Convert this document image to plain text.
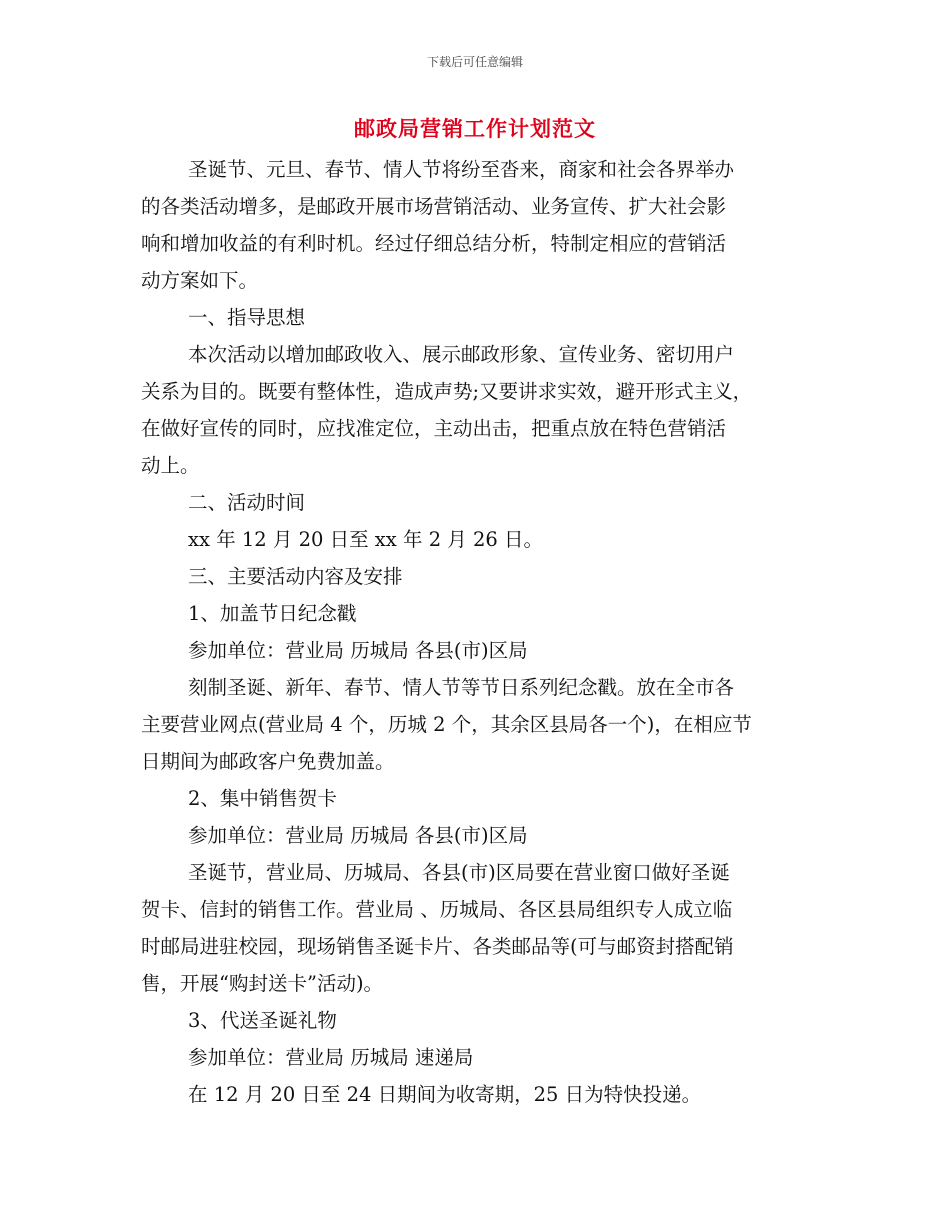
下载后可任意编辑
邮政局营销工作计划范文
圣诞节、元旦、春节、情人节将纷至沓来，商家和社会各界举办
的各类活动增多，是邮政开展市场营销活动、业务宣传、扩大社会影
响和增加收益的有利时机。经过仔细总结分析，特制定相应的营销活
动方案如下。
一、指导思想
本次活动以增加邮政收入、展示邮政形象、宣传业务、密切用户
关系为目的。既要有整体性，造成声势;又要讲求实效，避开形式主义，
在做好宣传的同时，应找准定位，主动出击，把重点放在特色营销活
动上。
二、活动时间
xx 年 12 月 20 日至 xx 年 2 月 26 日。
三、主要活动内容及安排
1、加盖节日纪念戳
参加单位：营业局 历城局 各县(市)区局
刻制圣诞、新年、春节、情人节等节日系列纪念戳。放在全市各
主要营业网点(营业局 4 个，历城 2 个，其余区县局各一个)，在相应节
日期间为邮政客户免费加盖。
2、集中销售贺卡
参加单位：营业局 历城局 各县(市)区局
圣诞节，营业局、历城局、各县(市)区局要在营业窗口做好圣诞
贺卡、信封的销售工作。营业局 、历城局、各区县局组织专人成立临
时邮局进驻校园，现场销售圣诞卡片、各类邮品等(可与邮资封搭配销
售，开展“购封送卡”活动)。
3、代送圣诞礼物
参加单位：营业局 历城局 速递局
在 12 月 20 日至 24 日期间为收寄期，25 日为特快投递。
